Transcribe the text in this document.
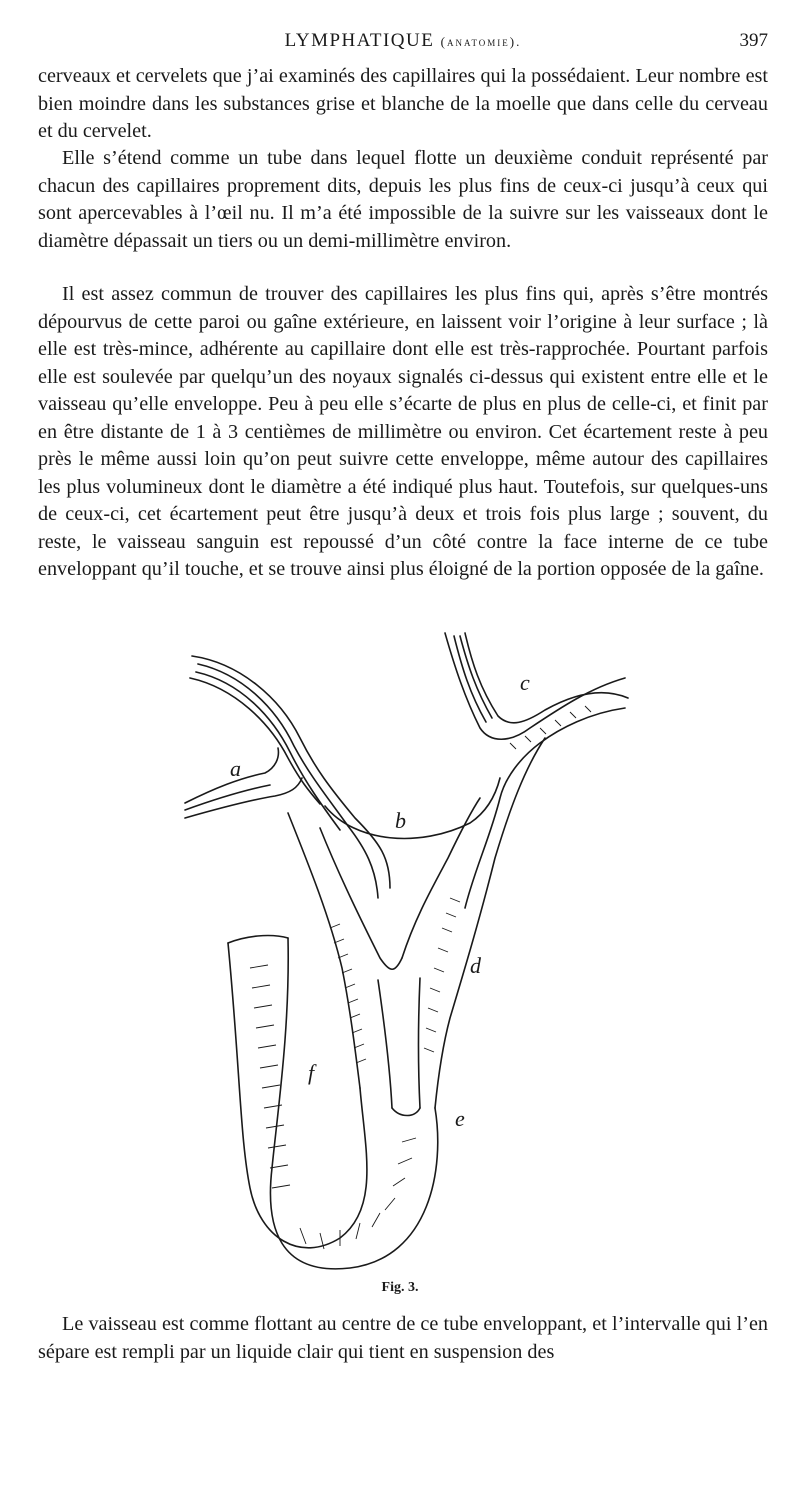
LYMPHATIQUE (anatomie).	397

cerveaux et cervelets que j’ai examinés des capillaires qui la possédaient. Leur nombre est bien moindre dans les substances grise et blanche de la moelle que dans celle du cerveau et du cervelet.

Elle s’étend comme un tube dans lequel flotte un deuxième conduit représenté par chacun des capillaires proprement dits, depuis les plus fins de ceux-ci jusqu’à ceux qui sont apercevables à l’œil nu. Il m’a été impossible de la suivre sur les vaisseaux dont le diamètre dépassait un tiers ou un demi-millimètre environ.

Il est assez commun de trouver des capillaires les plus fins qui, après s’être montrés dépourvus de cette paroi ou gaîne extérieure, en laissent voir l’origine à leur surface ; là elle est très-mince, adhérente au capillaire dont elle est très-rapprochée. Pourtant parfois elle est soulevée par quelqu’un des noyaux signalés ci-dessus qui existent entre elle et le vaisseau qu’elle enveloppe. Peu à peu elle s’écarte de plus en plus de celle-ci, et finit par en être distante de 1 à 3 centièmes de millimètre ou environ. Cet écartement reste à peu près le même aussi loin qu’on peut suivre cette enveloppe, même autour des capillaires les plus volumineux dont le diamètre a été indiqué plus haut. Toutefois, sur quelques-uns de ceux-ci, cet écartement peut être jusqu’à deux et trois fois plus large ; souvent, du reste, le vaisseau sanguin est repoussé d’un côté contre la face interne de ce tube enveloppant qu’il touche, et se trouve ainsi plus éloigné de la portion opposée de la gaîne.

a
b
c
d
e
f
Fig. 3.

Le vaisseau est comme flottant au centre de ce tube enveloppant, et l’intervalle qui l’en sépare est rempli par un liquide clair qui tient en suspension des
